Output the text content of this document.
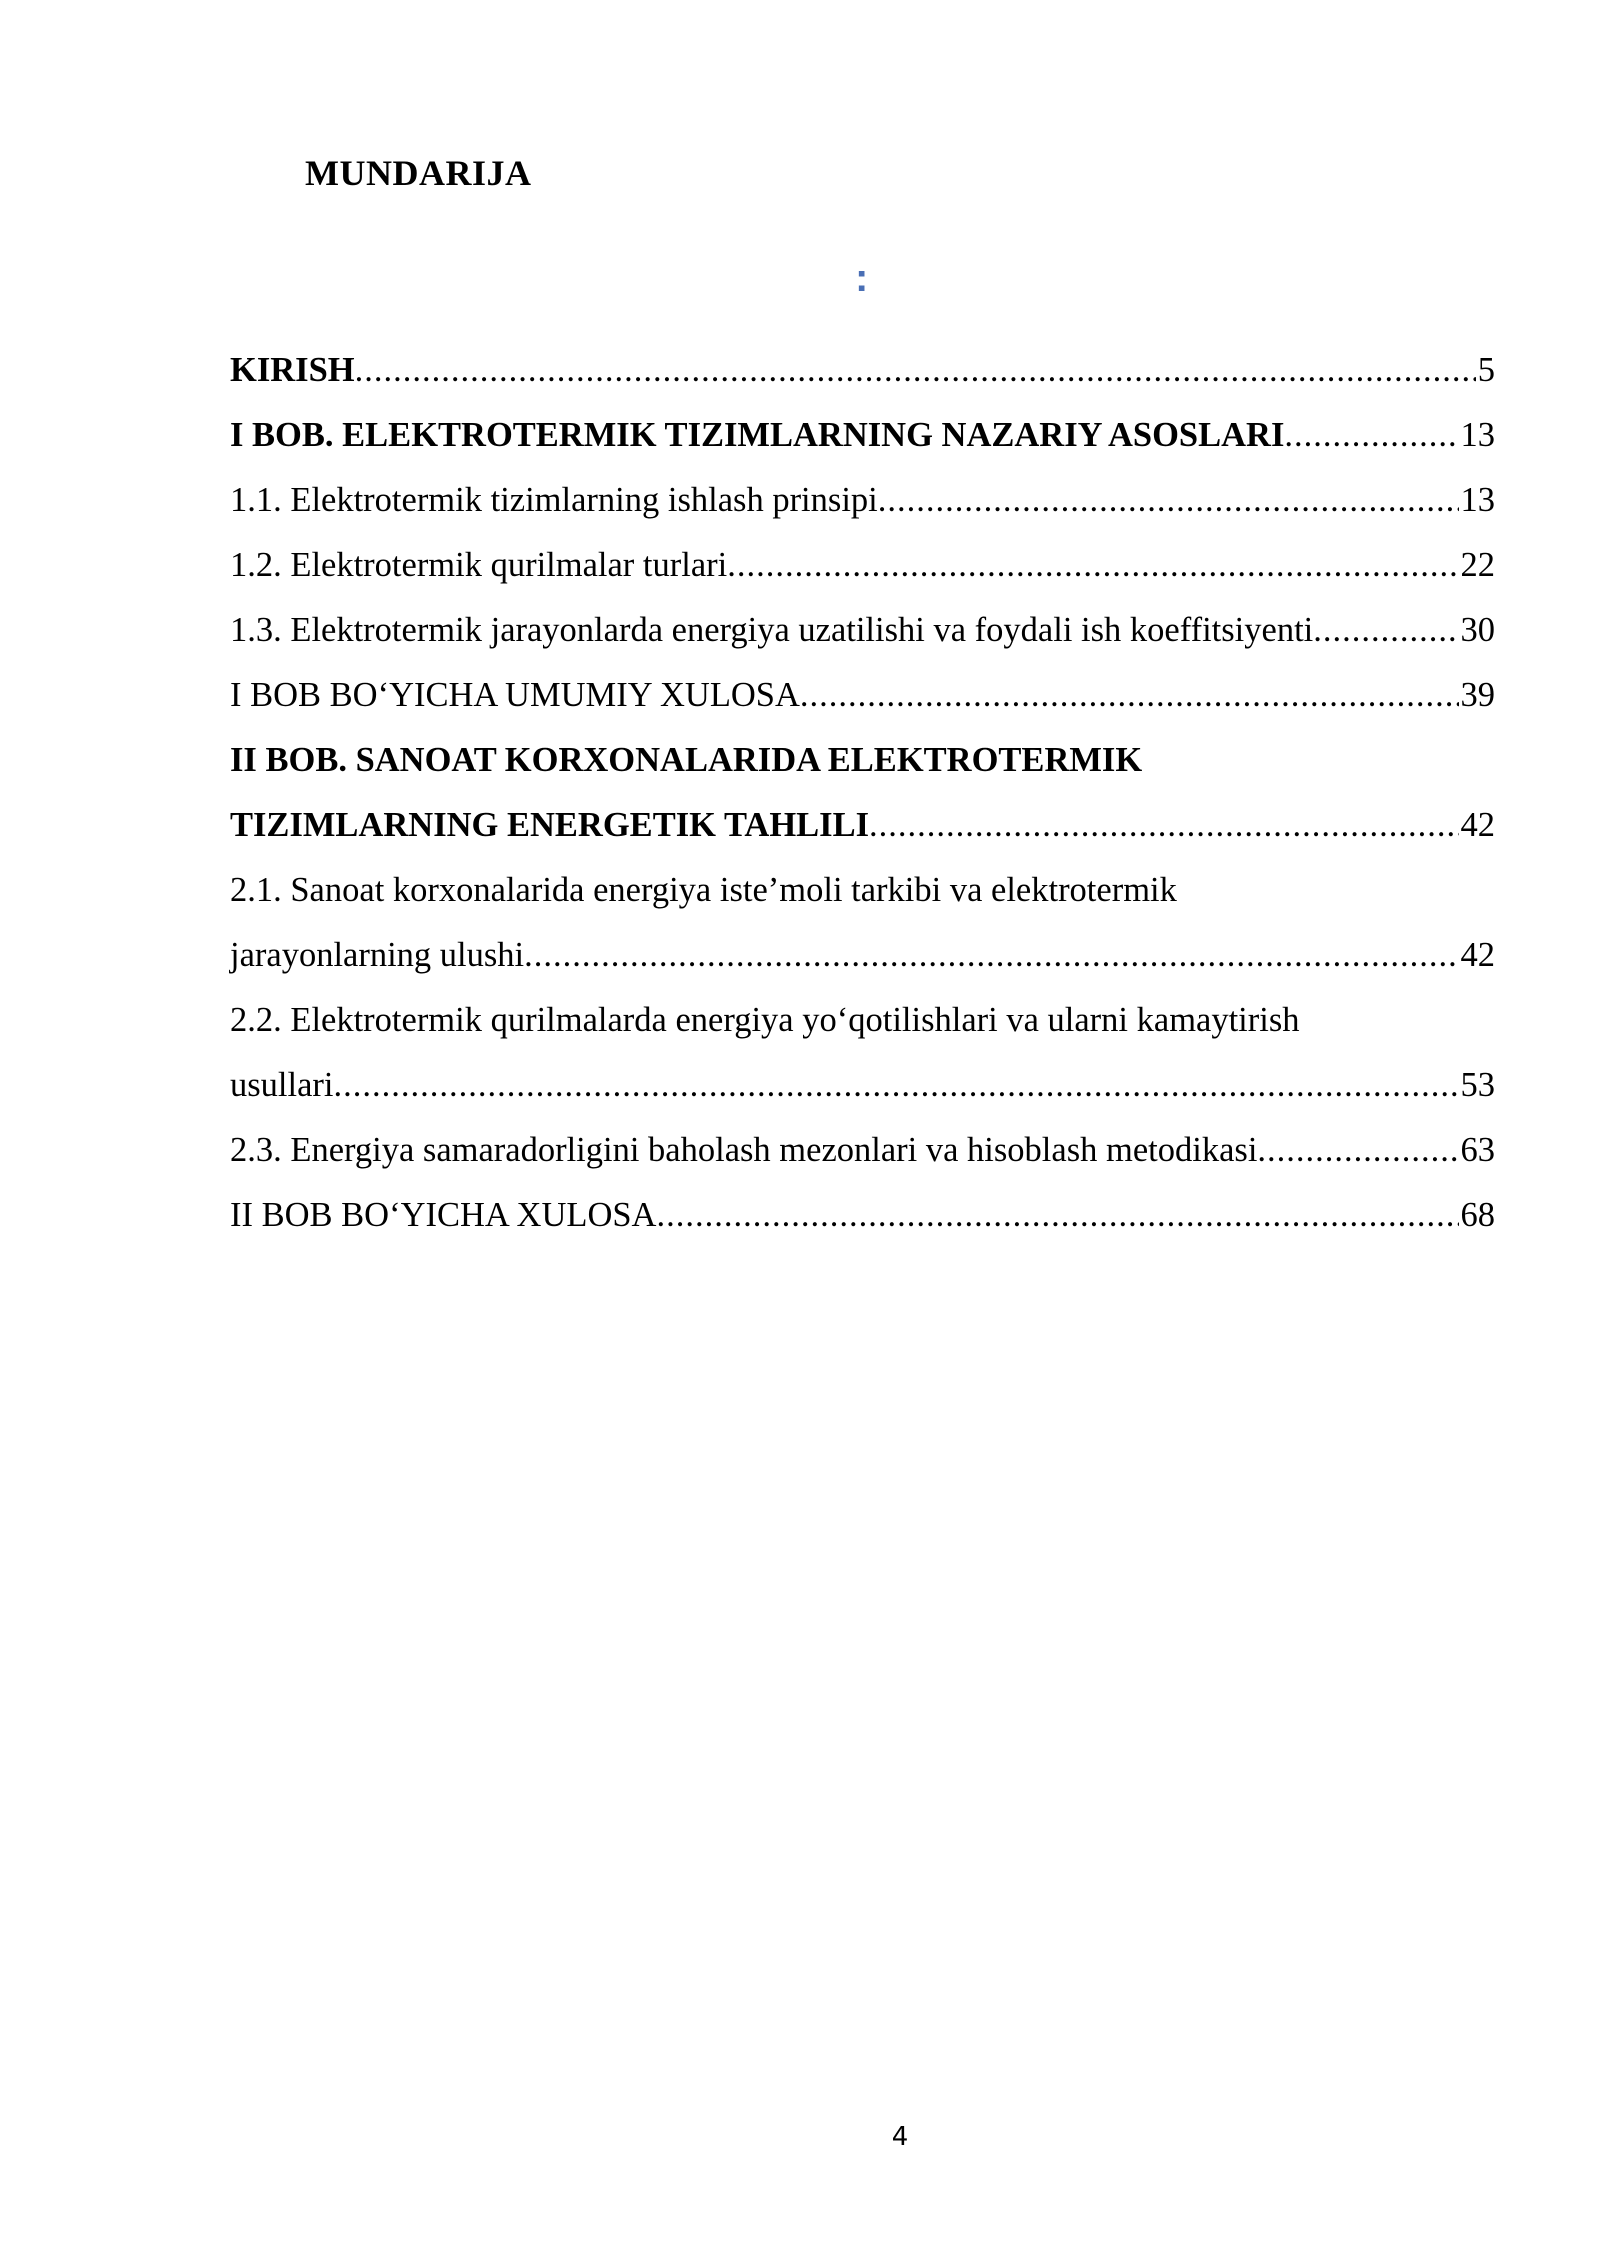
MUNDARIJA
:
KIRISH .....	5
I BOB. ELEKTROTERMIK TIZIMLARNING NAZARIY ASOSLARI .....	13
1.1. Elektrotermik tizimlarning ishlash prinsipi .....	13
1.2. Elektrotermik qurilmalar turlari .....	22
1.3. Elektrotermik jarayonlarda energiya uzatilishi va foydali ish koeffitsiyenti .....	30
I BOB BO‘YICHA UMUMIY XULOSA .....	39
II BOB. SANOAT KORXONALARIDA ELEKTROTERMIK
TIZIMLARNING ENERGETIK TAHLILI .....	42
2.1. Sanoat korxonalarida energiya iste’moli tarkibi va elektrotermik
jarayonlarning ulushi .....	42
2.2. Elektrotermik qurilmalarda energiya yo‘qotilishlari va ularni kamaytirish
usullari .....	53
2.3. Energiya samaradorligini baholash mezonlari va hisoblash metodikasi .....	63
II BOB BO‘YICHA XULOSA .....	68
4
